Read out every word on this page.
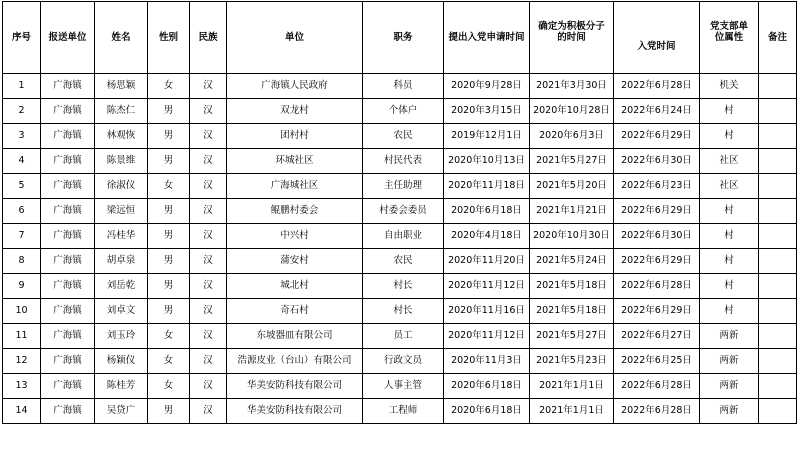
序号	报送单位	姓名	性别	民族	单位	职务	提出入党申请时间	确定为积极分子的时间	入党时间	党支部单位属性	备注
1	广海镇	杨思颖	女	汉	广海镇人民政府	科员	2020年9月28日	2021年3月30日	2022年6月28日	机关	
2	广海镇	陈杰仁	男	汉	双龙村	个体户	2020年3月15日	2020年10月28日	2022年6月24日	村	
3	广海镇	林观恢	男	汉	团村村	农民	2019年12月1日	2020年6月3日	2022年6月29日	村	
4	广海镇	陈景维	男	汉	环城社区	村民代表	2020年10月13日	2021年5月27日	2022年6月30日	社区	
5	广海镇	徐淑仪	女	汉	广海城社区	主任助理	2020年11月18日	2021年5月20日	2022年6月23日	社区	
6	广海镇	梁远恒	男	汉	鲲鹏村委会	村委会委员	2020年6月18日	2021年1月21日	2022年6月29日	村	
7	广海镇	冯桂华	男	汉	中兴村	自由职业	2020年4月18日	2020年10月30日	2022年6月30日	村	
8	广海镇	胡卓泉	男	汉	蒲安村	农民	2020年11月20日	2021年5月24日	2022年6月29日	村	
9	广海镇	刘岳乾	男	汉	城北村	村长	2020年11月12日	2021年5月18日	2022年6月28日	村	
10	广海镇	刘卓文	男	汉	奇石村	村长	2020年11月16日	2021年5月18日	2022年6月29日	村	
11	广海镇	刘玉玲	女	汉	东坡器皿有限公司	员工	2020年11月12日	2021年5月27日	2022年6月27日	两新	
12	广海镇	杨颖仪	女	汉	浩源皮业（台山）有限公司	行政文员	2020年11月3日	2021年5月23日	2022年6月25日	两新	
13	广海镇	陈桂芳	女	汉	华美安防科技有限公司	人事主管	2020年6月18日	2021年1月1日	2022年6月28日	两新	
14	广海镇	吴贷广	男	汉	华美安防科技有限公司	工程师	2020年6月18日	2021年1月1日	2022年6月28日	两新	
